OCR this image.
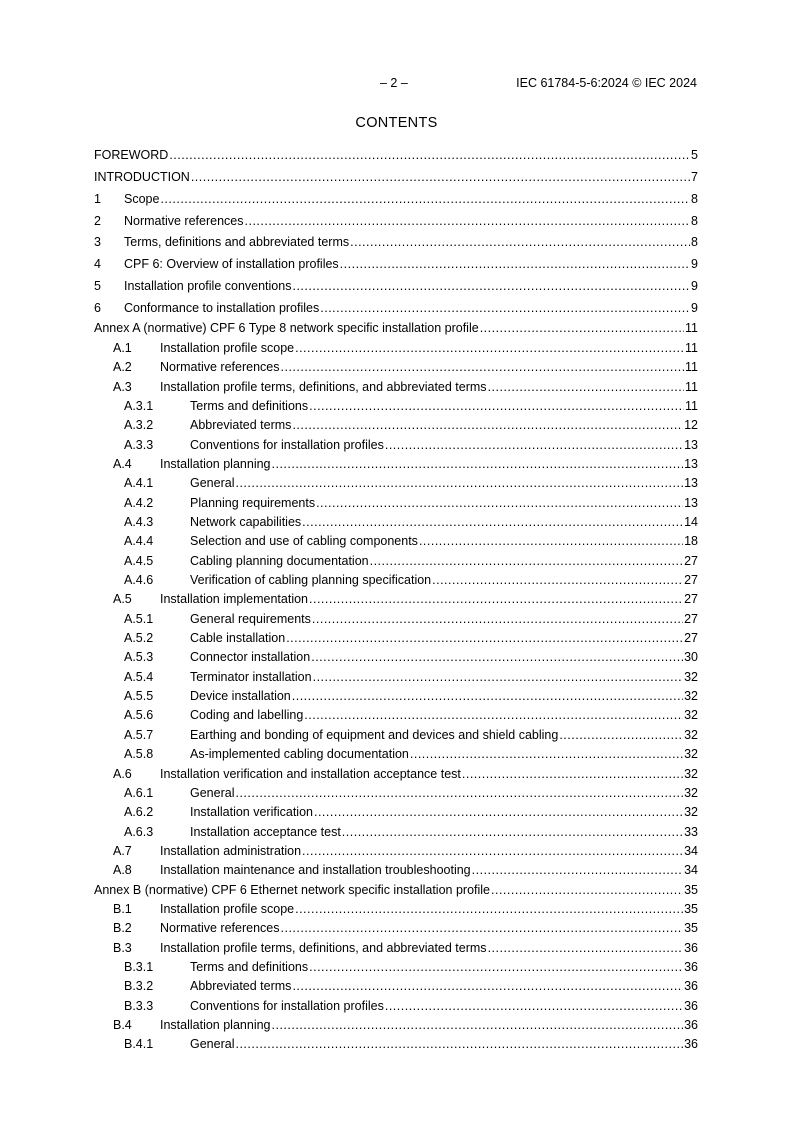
– 2 –	IEC 61784-5-6:2024 © IEC 2024
CONTENTS
FOREWORD .....	5
INTRODUCTION .....	7
1	Scope .....	8
2	Normative references .....	8
3	Terms, definitions and abbreviated terms .....	8
4	CPF 6: Overview of installation profiles .....	9
5	Installation profile conventions .....	9
6	Conformance to installation profiles .....	9
Annex A (normative) CPF 6 Type 8 network specific installation profile .....	11
A.1	Installation profile scope .....	11
A.2	Normative references .....	11
A.3	Installation profile terms, definitions, and abbreviated terms .....	11
A.3.1	Terms and definitions .....	11
A.3.2	Abbreviated terms .....	12
A.3.3	Conventions for installation profiles .....	13
A.4	Installation planning .....	13
A.4.1	General .....	13
A.4.2	Planning requirements .....	13
A.4.3	Network capabilities .....	14
A.4.4	Selection and use of cabling components .....	18
A.4.5	Cabling planning documentation .....	27
A.4.6	Verification of cabling planning specification .....	27
A.5	Installation implementation .....	27
A.5.1	General requirements .....	27
A.5.2	Cable installation .....	27
A.5.3	Connector installation .....	30
A.5.4	Terminator installation .....	32
A.5.5	Device installation .....	32
A.5.6	Coding and labelling .....	32
A.5.7	Earthing and bonding of equipment and devices and shield cabling .....	32
A.5.8	As-implemented cabling documentation .....	32
A.6	Installation verification and installation acceptance test .....	32
A.6.1	General .....	32
A.6.2	Installation verification .....	32
A.6.3	Installation acceptance test .....	33
A.7	Installation administration .....	34
A.8	Installation maintenance and installation troubleshooting .....	34
Annex B (normative) CPF 6 Ethernet network specific installation profile .....	35
B.1	Installation profile scope .....	35
B.2	Normative references .....	35
B.3	Installation profile terms, definitions, and abbreviated terms .....	36
B.3.1	Terms and definitions .....	36
B.3.2	Abbreviated terms .....	36
B.3.3	Conventions for installation profiles .....	36
B.4	Installation planning .....	36
B.4.1	General .....	36
